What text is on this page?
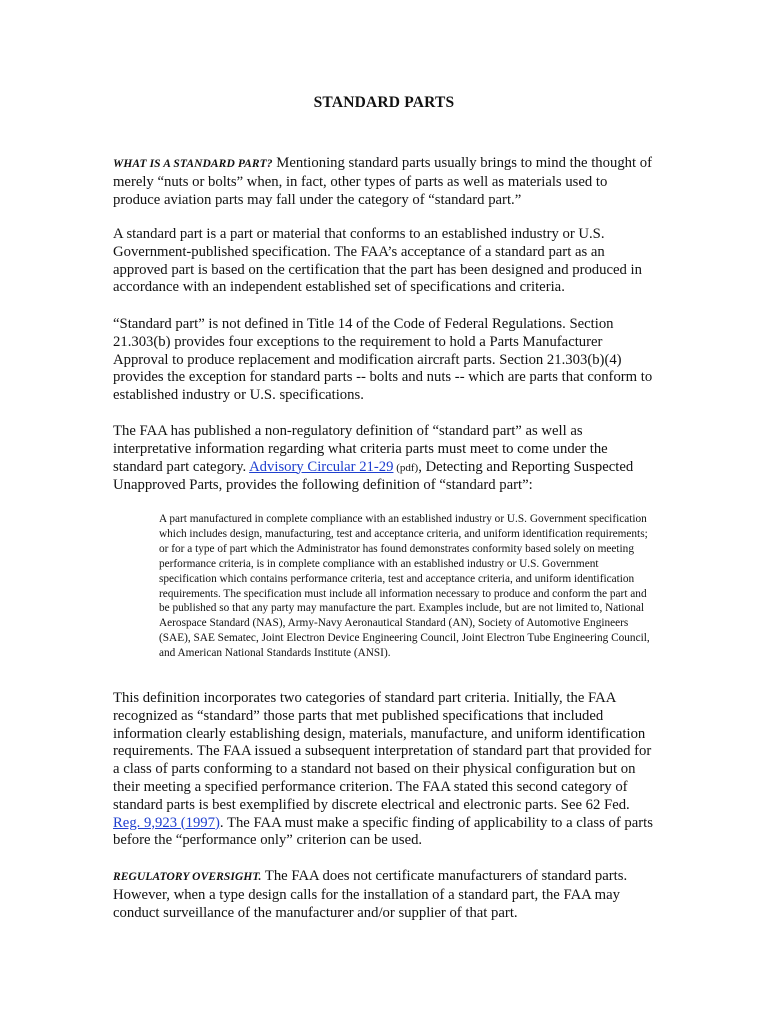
STANDARD PARTS

WHAT IS A STANDARD PART? Mentioning standard parts usually brings to mind the thought of merely “nuts or bolts” when, in fact, other types of parts as well as materials used to produce aviation parts may fall under the category of “standard part.”

A standard part is a part or material that conforms to an established industry or U.S. Government-published specification. The FAA’s acceptance of a standard part as an approved part is based on the certification that the part has been designed and produced in accordance with an independent established set of specifications and criteria.

“Standard part” is not defined in Title 14 of the Code of Federal Regulations. Section 21.303(b) provides four exceptions to the requirement to hold a Parts Manufacturer Approval to produce replacement and modification aircraft parts. Section 21.303(b)(4) provides the exception for standard parts -- bolts and nuts -- which are parts that conform to established industry or U.S. specifications.

The FAA has published a non-regulatory definition of “standard part” as well as interpretative information regarding what criteria parts must meet to come under the standard part category. Advisory Circular 21-29 (pdf), Detecting and Reporting Suspected Unapproved Parts, provides the following definition of “standard part”:

A part manufactured in complete compliance with an established industry or U.S. Government specification which includes design, manufacturing, test and acceptance criteria, and uniform identification requirements; or for a type of part which the Administrator has found demonstrates conformity based solely on meeting performance criteria, is in complete compliance with an established industry or U.S. Government specification which contains performance criteria, test and acceptance criteria, and uniform identification requirements. The specification must include all information necessary to produce and conform the part and be published so that any party may manufacture the part. Examples include, but are not limited to, National Aerospace Standard (NAS), Army-Navy Aeronautical Standard (AN), Society of Automotive Engineers (SAE), SAE Sematec, Joint Electron Device Engineering Council, Joint Electron Tube Engineering Council, and American National Standards Institute (ANSI).

This definition incorporates two categories of standard part criteria. Initially, the FAA recognized as “standard” those parts that met published specifications that included information clearly establishing design, materials, manufacture, and uniform identification requirements. The FAA issued a subsequent interpretation of standard part that provided for a class of parts conforming to a standard not based on their physical configuration but on their meeting a specified performance criterion. The FAA stated this second category of standard parts is best exemplified by discrete electrical and electronic parts. See 62 Fed. Reg. 9,923 (1997). The FAA must make a specific finding of applicability to a class of parts before the “performance only” criterion can be used.

REGULATORY OVERSIGHT. The FAA does not certificate manufacturers of standard parts. However, when a type design calls for the installation of a standard part, the FAA may conduct surveillance of the manufacturer and/or supplier of that part.
